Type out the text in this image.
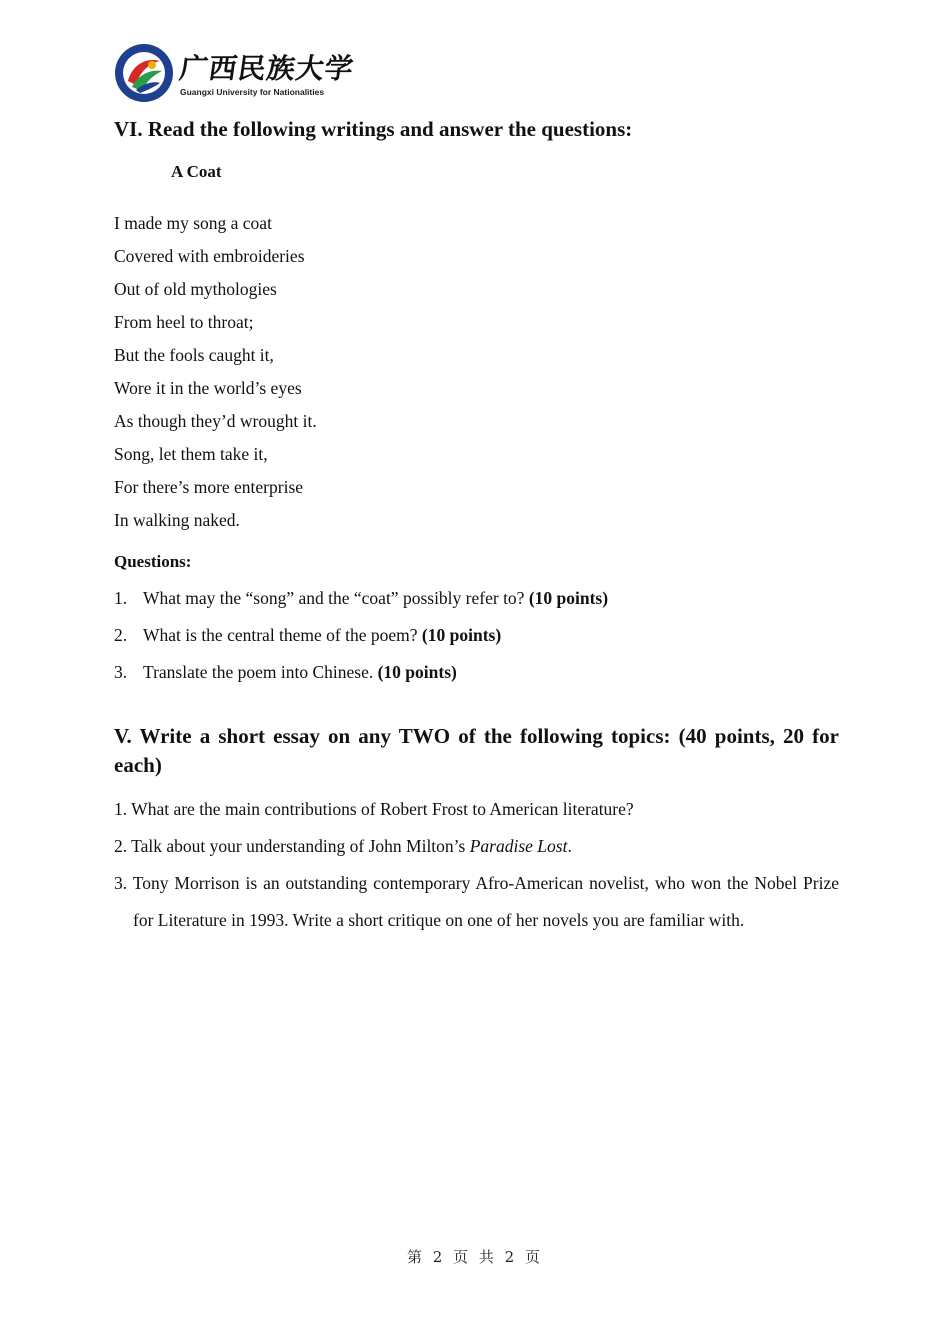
广西民族大学
Guangxi University for Nationalities
VI. Read the following writings and answer the questions:
A Coat
I made my song a coat
Covered with embroideries
Out of old mythologies
From heel to throat;
But the fools caught it,
Wore it in the world’s eyes
As though they’d wrought it.
Song, let them take it,
For there’s more enterprise
In walking naked.
Questions:
1. What may the “song” and the “coat” possibly refer to? (10 points)
2. What is the central theme of the poem? (10 points)
3. Translate the poem into Chinese. (10 points)
V. Write a short essay on any TWO of the following topics: (40 points, 20 for each)
1. What are the main contributions of Robert Frost to American literature?
2. Talk about your understanding of John Milton’s Paradise Lost.
3. Tony Morrison is an outstanding contemporary Afro-American novelist, who won the Nobel Prize for Literature in 1993. Write a short critique on one of her novels you are familiar with.
第 2 页 共 2 页
